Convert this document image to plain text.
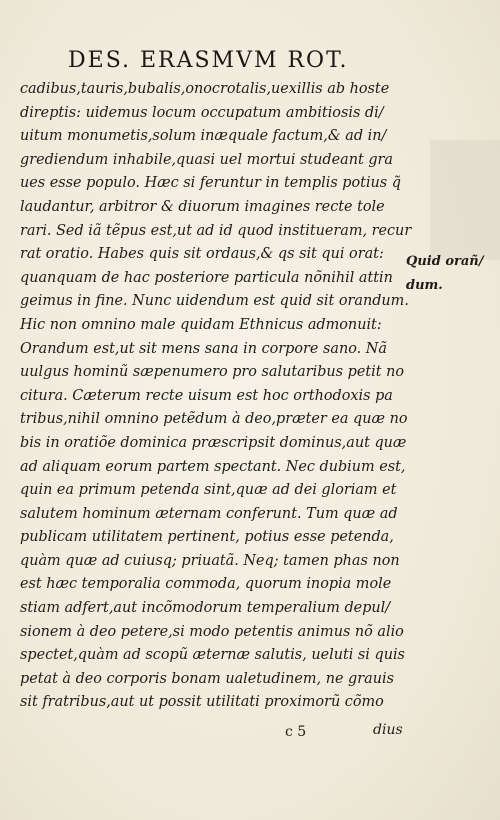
DES. ERASMVM ROT.
cadibus,tauris,bubalis,onocrotalis,uexillis ab hoste
direptis: uidemus locum occupatum ambitiosis di/
uitum monumetis,solum inæquale factum,& ad in/
grediendum inhabile,quasi uel mortui studeant gra
ues esse populo. Hæc si feruntur in templis potius q̃
laudantur, arbitror & diuorum imagines recte tole
rari. Sed iã tẽpus est,ut ad id quod institueram, recur
rat oratio. Habes quis sit ordaus,& qs sit qui orat:
quanquam de hac posteriore particula nõnihil attin
geimus in fine. Nunc uidendum est quid sit orandum.
Hic non omnino male quidam Ethnicus admonuit:
Orandum est,ut sit mens sana in corpore sano. Nã
uulgus hominũ sæpenumero pro salutaribus petit no
citura. Cæterum recte uisum est hoc orthodoxis pa
tribus,nihil omnino petẽdum à deo,præter ea quæ no
bis in oratiõe dominica præscripsit dominus,aut quæ
ad aliquam eorum partem spectant. Nec dubium est,
quin ea primum petenda sint,quæ ad dei gloriam et
salutem hominum æternam conferunt. Tum quæ ad
publicam utilitatem pertinent, potius esse petenda,
quàm quæ ad cuiusq; priuatã. Neq; tamen phas non
est hæc temporalia commoda, quorum inopia mole
stiam adfert,aut incõmodorum temperalium depul/
sionem à deo petere,si modo petentis animus nõ alio
spectet,quàm ad scopũ æternæ salutis, ueluti si quis
petat à deo corporis bonam ualetudinem, ne grauis
sit fratribus,aut ut possit utilitati proximorũ cõmo
Quid orañ/
dum.
c 5	dius
